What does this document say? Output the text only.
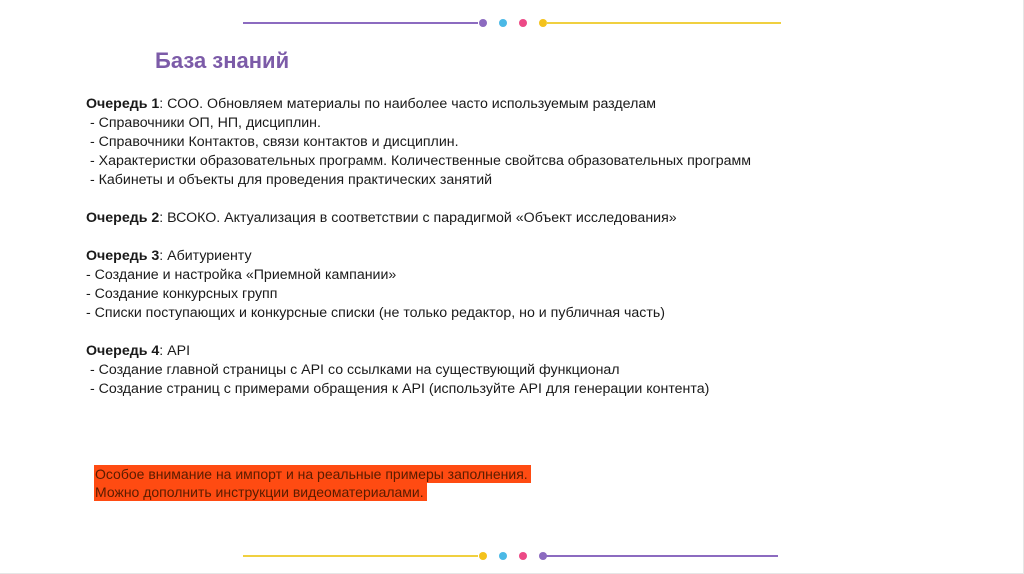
База знаний
Очередь 1: СОО. Обновляем материалы по наиболее часто используемым разделам
- Справочники ОП, НП, дисциплин.
- Справочники Контактов, связи контактов и дисциплин.
- Характеристки образовательных программ. Количественные свойтсва образовательных программ
- Кабинеты и объекты для проведения практических занятий
Очередь 2: ВСОКО. Актуализация в соответствии с парадигмой «Объект исследования»
Очередь 3: Абитуриенту
- Создание и настройка «Приемной кампании»
- Создание конкурсных групп
- Списки поступающих и конкурсные списки (не только редактор, но и публичная часть)
Очередь 4: API
- Создание главной страницы с API со ссылками на существующий функционал
- Создание страниц с примерами обращения к API (используйте API для генерации контента)
Особое внимание на импорт и на реальные примеры заполнения.
Можно дополнить инструкции видеоматериалами.
